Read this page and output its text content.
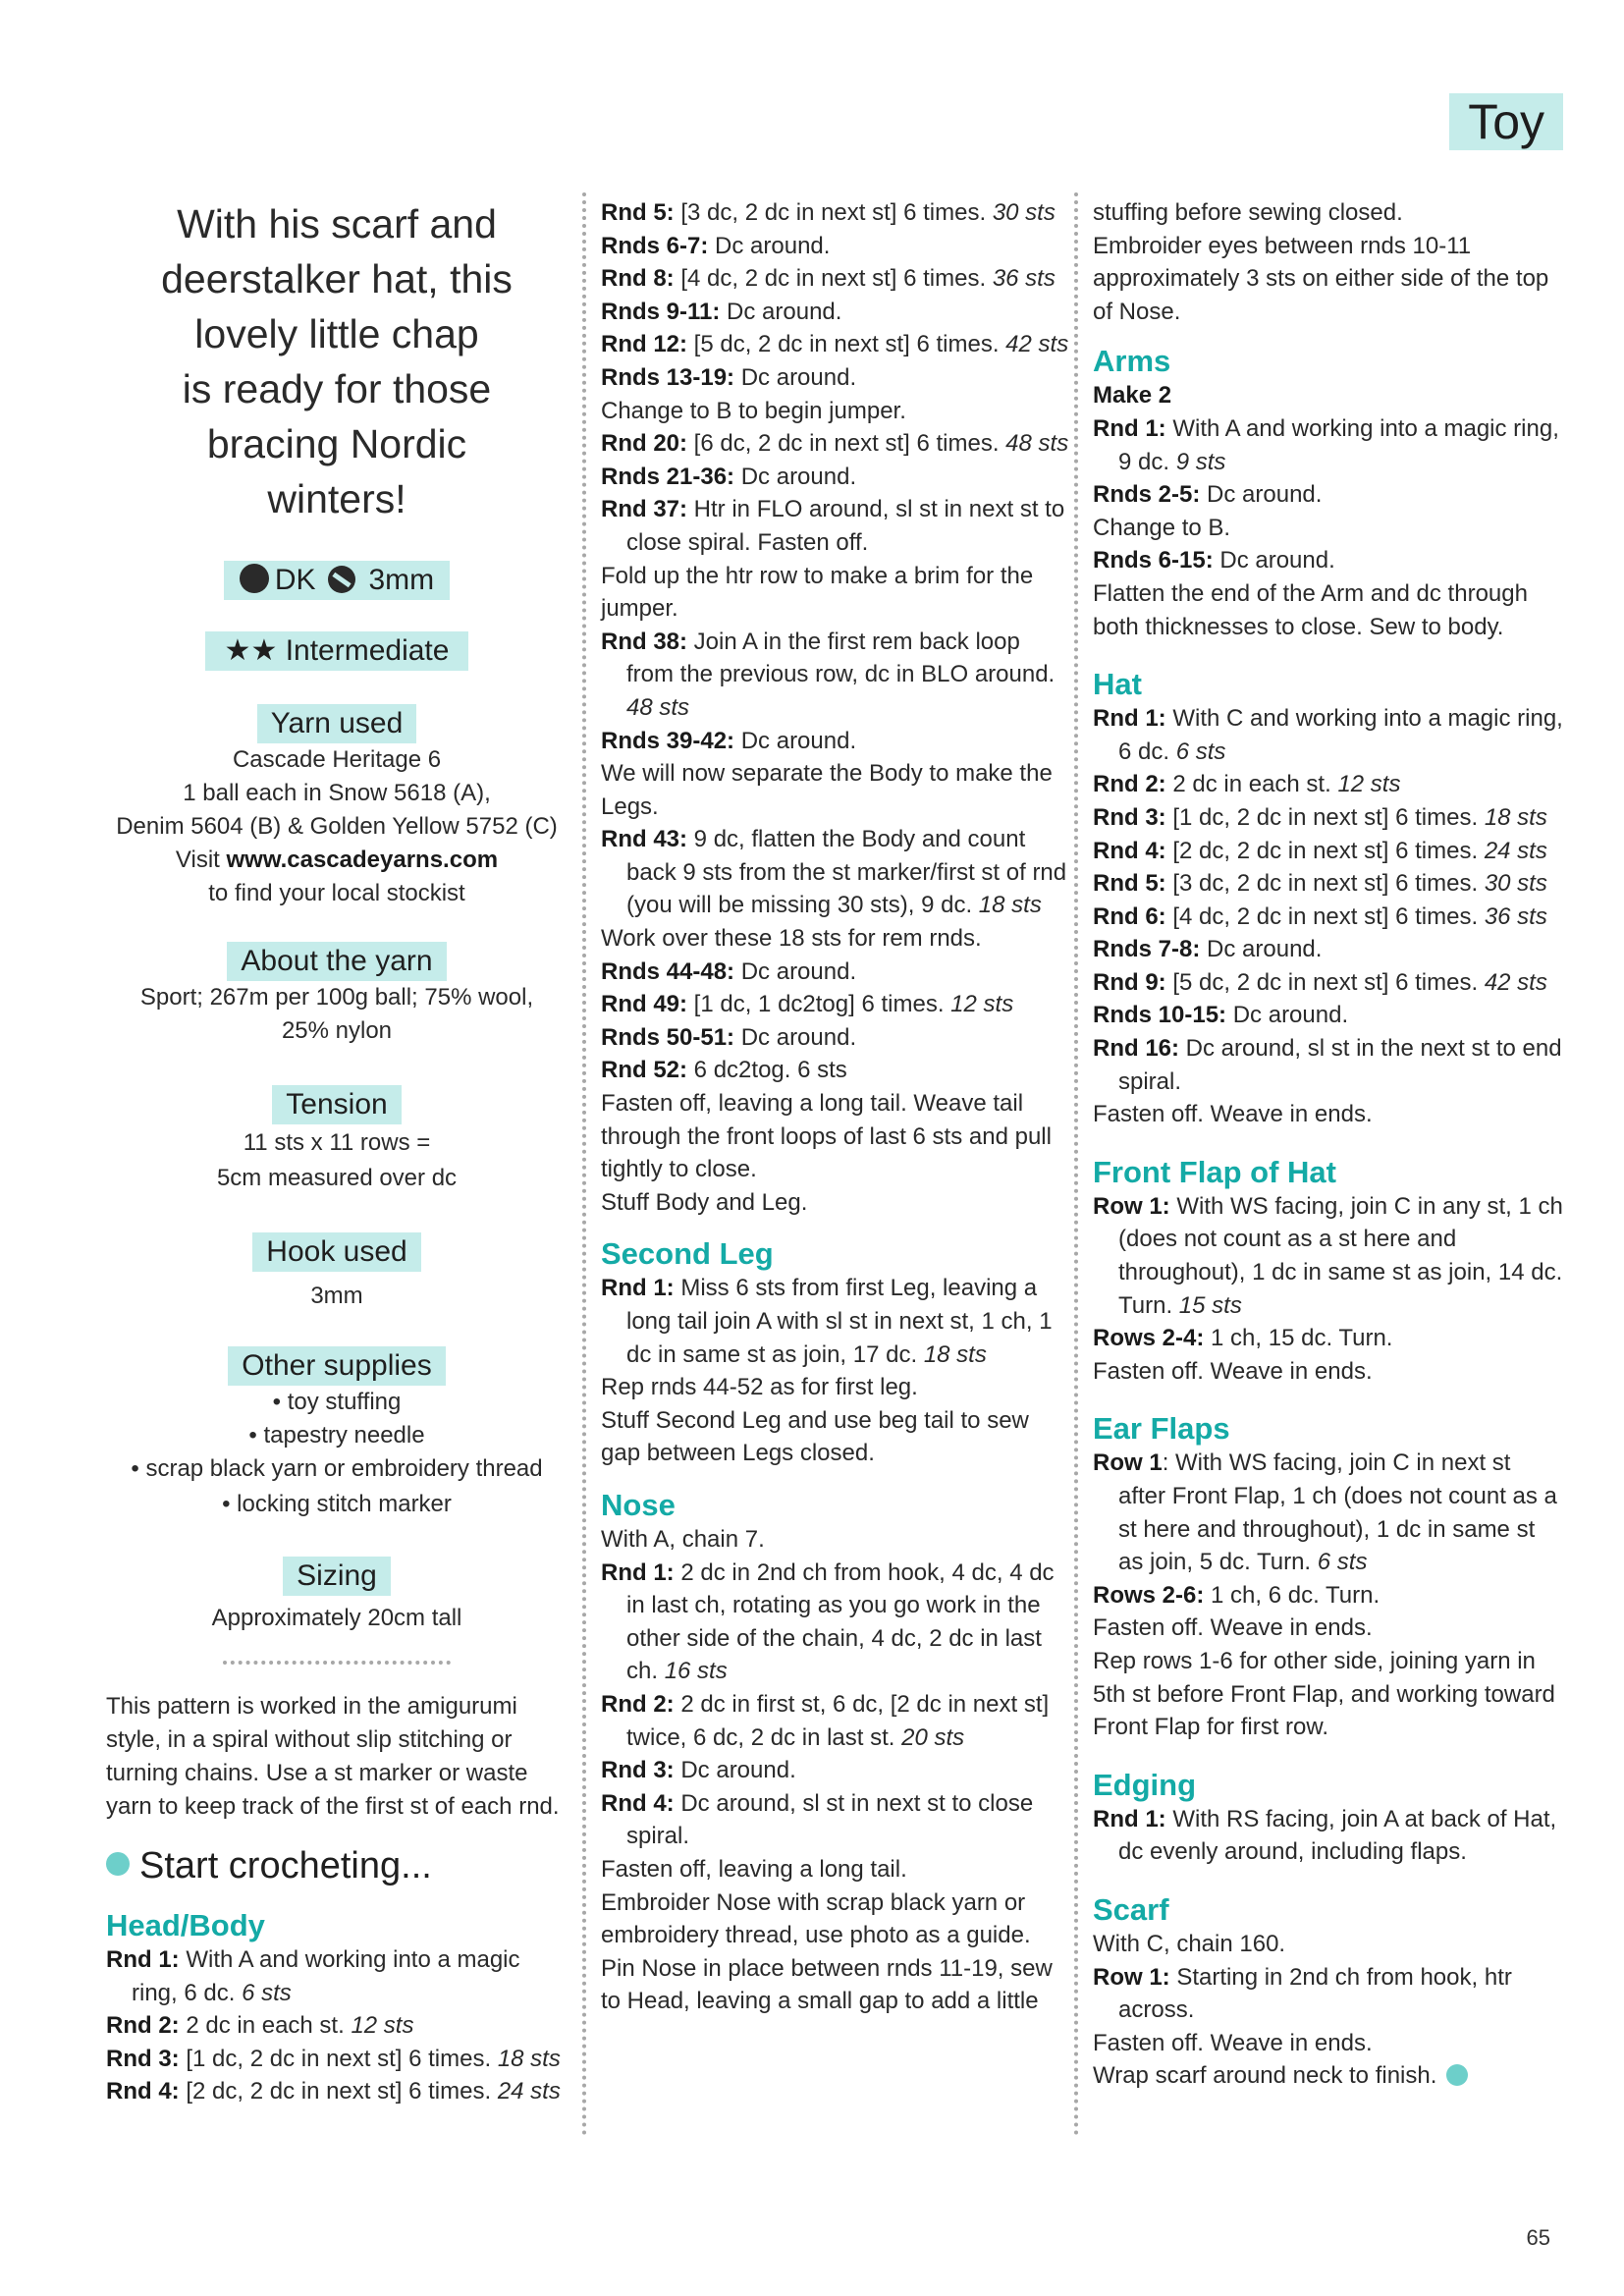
Toy
With his scarf and
deerstalker hat, this
lovely little chap
is ready for those
bracing Nordic
winters!
DK 3mm
★★ Intermediate
Yarn used
Cascade Heritage 6
1 ball each in Snow 5618 (A),
Denim 5604 (B) & Golden Yellow 5752 (C)
Visit www.cascadeyarns.com
to find your local stockist
About the yarn
Sport; 267m per 100g ball; 75% wool,
25% nylon
Tension
11 sts x 11 rows =
5cm measured over dc
Hook used
3mm
Other supplies
• toy stuffing
• tapestry needle
• scrap black yarn or embroidery thread
• locking stitch marker
Sizing
Approximately 20cm tall
This pattern is worked in the amigurumi
style, in a spiral without slip stitching or
turning chains. Use a st marker or waste
yarn to keep track of the first st of each rnd.
Start crocheting...
Head/Body
Rnd 1: With A and working into a magic ring, 6 dc. 6 sts
Rnd 2: 2 dc in each st. 12 sts
Rnd 3: [1 dc, 2 dc in next st] 6 times. 18 sts
Rnd 4: [2 dc, 2 dc in next st] 6 times. 24 sts
Rnd 5: [3 dc, 2 dc in next st] 6 times. 30 sts
Rnds 6-7: Dc around.
Rnd 8: [4 dc, 2 dc in next st] 6 times. 36 sts
Rnds 9-11: Dc around.
Rnd 12: [5 dc, 2 dc in next st] 6 times. 42 sts
Rnds 13-19: Dc around.
Change to B to begin jumper.
Rnd 20: [6 dc, 2 dc in next st] 6 times. 48 sts
Rnds 21-36: Dc around.
Rnd 37: Htr in FLO around, sl st in next st to close spiral. Fasten off.
Fold up the htr row to make a brim for the jumper.
Rnd 38: Join A in the first rem back loop from the previous row, dc in BLO around. 48 sts
Rnds 39-42: Dc around.
We will now separate the Body to make the Legs.
Rnd 43: 9 dc, flatten the Body and count back 9 sts from the st marker/first st of rnd (you will be missing 30 sts), 9 dc. 18 sts
Work over these 18 sts for rem rnds.
Rnds 44-48: Dc around.
Rnd 49: [1 dc, 1 dc2tog] 6 times. 12 sts
Rnds 50-51: Dc around.
Rnd 52: 6 dc2tog. 6 sts
Fasten off, leaving a long tail. Weave tail through the front loops of last 6 sts and pull tightly to close.
Stuff Body and Leg.
Second Leg
Rnd 1: Miss 6 sts from first Leg, leaving a long tail join A with sl st in next st, 1 ch, 1 dc in same st as join, 17 dc. 18 sts
Rep rnds 44-52 as for first leg.
Stuff Second Leg and use beg tail to sew gap between Legs closed.
Nose
With A, chain 7.
Rnd 1: 2 dc in 2nd ch from hook, 4 dc, 4 dc in last ch, rotating as you go work in the other side of the chain, 4 dc, 2 dc in last ch. 16 sts
Rnd 2: 2 dc in first st, 6 dc, [2 dc in next st] twice, 6 dc, 2 dc in last st. 20 sts
Rnd 3: Dc around.
Rnd 4: Dc around, sl st in next st to close spiral.
Fasten off, leaving a long tail.
Embroider Nose with scrap black yarn or embroidery thread, use photo as a guide.
Pin Nose in place between rnds 11-19, sew to Head, leaving a small gap to add a little
stuffing before sewing closed.
Embroider eyes between rnds 10-11 approximately 3 sts on either side of the top of Nose.
Arms
Make 2
Rnd 1: With A and working into a magic ring, 9 dc. 9 sts
Rnds 2-5: Dc around.
Change to B.
Rnds 6-15: Dc around.
Flatten the end of the Arm and dc through both thicknesses to close. Sew to body.
Hat
Rnd 1: With C and working into a magic ring, 6 dc. 6 sts
Rnd 2: 2 dc in each st. 12 sts
Rnd 3: [1 dc, 2 dc in next st] 6 times. 18 sts
Rnd 4: [2 dc, 2 dc in next st] 6 times. 24 sts
Rnd 5: [3 dc, 2 dc in next st] 6 times. 30 sts
Rnd 6: [4 dc, 2 dc in next st] 6 times. 36 sts
Rnds 7-8: Dc around.
Rnd 9: [5 dc, 2 dc in next st] 6 times. 42 sts
Rnds 10-15: Dc around.
Rnd 16: Dc around, sl st in the next st to end spiral.
Fasten off. Weave in ends.
Front Flap of Hat
Row 1: With WS facing, join C in any st, 1 ch (does not count as a st here and throughout), 1 dc in same st as join, 14 dc. Turn. 15 sts
Rows 2-4: 1 ch, 15 dc. Turn.
Fasten off. Weave in ends.
Ear Flaps
Row 1: With WS facing, join C in next st after Front Flap, 1 ch (does not count as a st here and throughout), 1 dc in same st as join, 5 dc. Turn. 6 sts
Rows 2-6: 1 ch, 6 dc. Turn.
Fasten off. Weave in ends.
Rep rows 1-6 for other side, joining yarn in 5th st before Front Flap, and working toward Front Flap for first row.
Edging
Rnd 1: With RS facing, join A at back of Hat, dc evenly around, including flaps.
Scarf
With C, chain 160.
Row 1: Starting in 2nd ch from hook, htr across.
Fasten off. Weave in ends.
Wrap scarf around neck to finish.
65
